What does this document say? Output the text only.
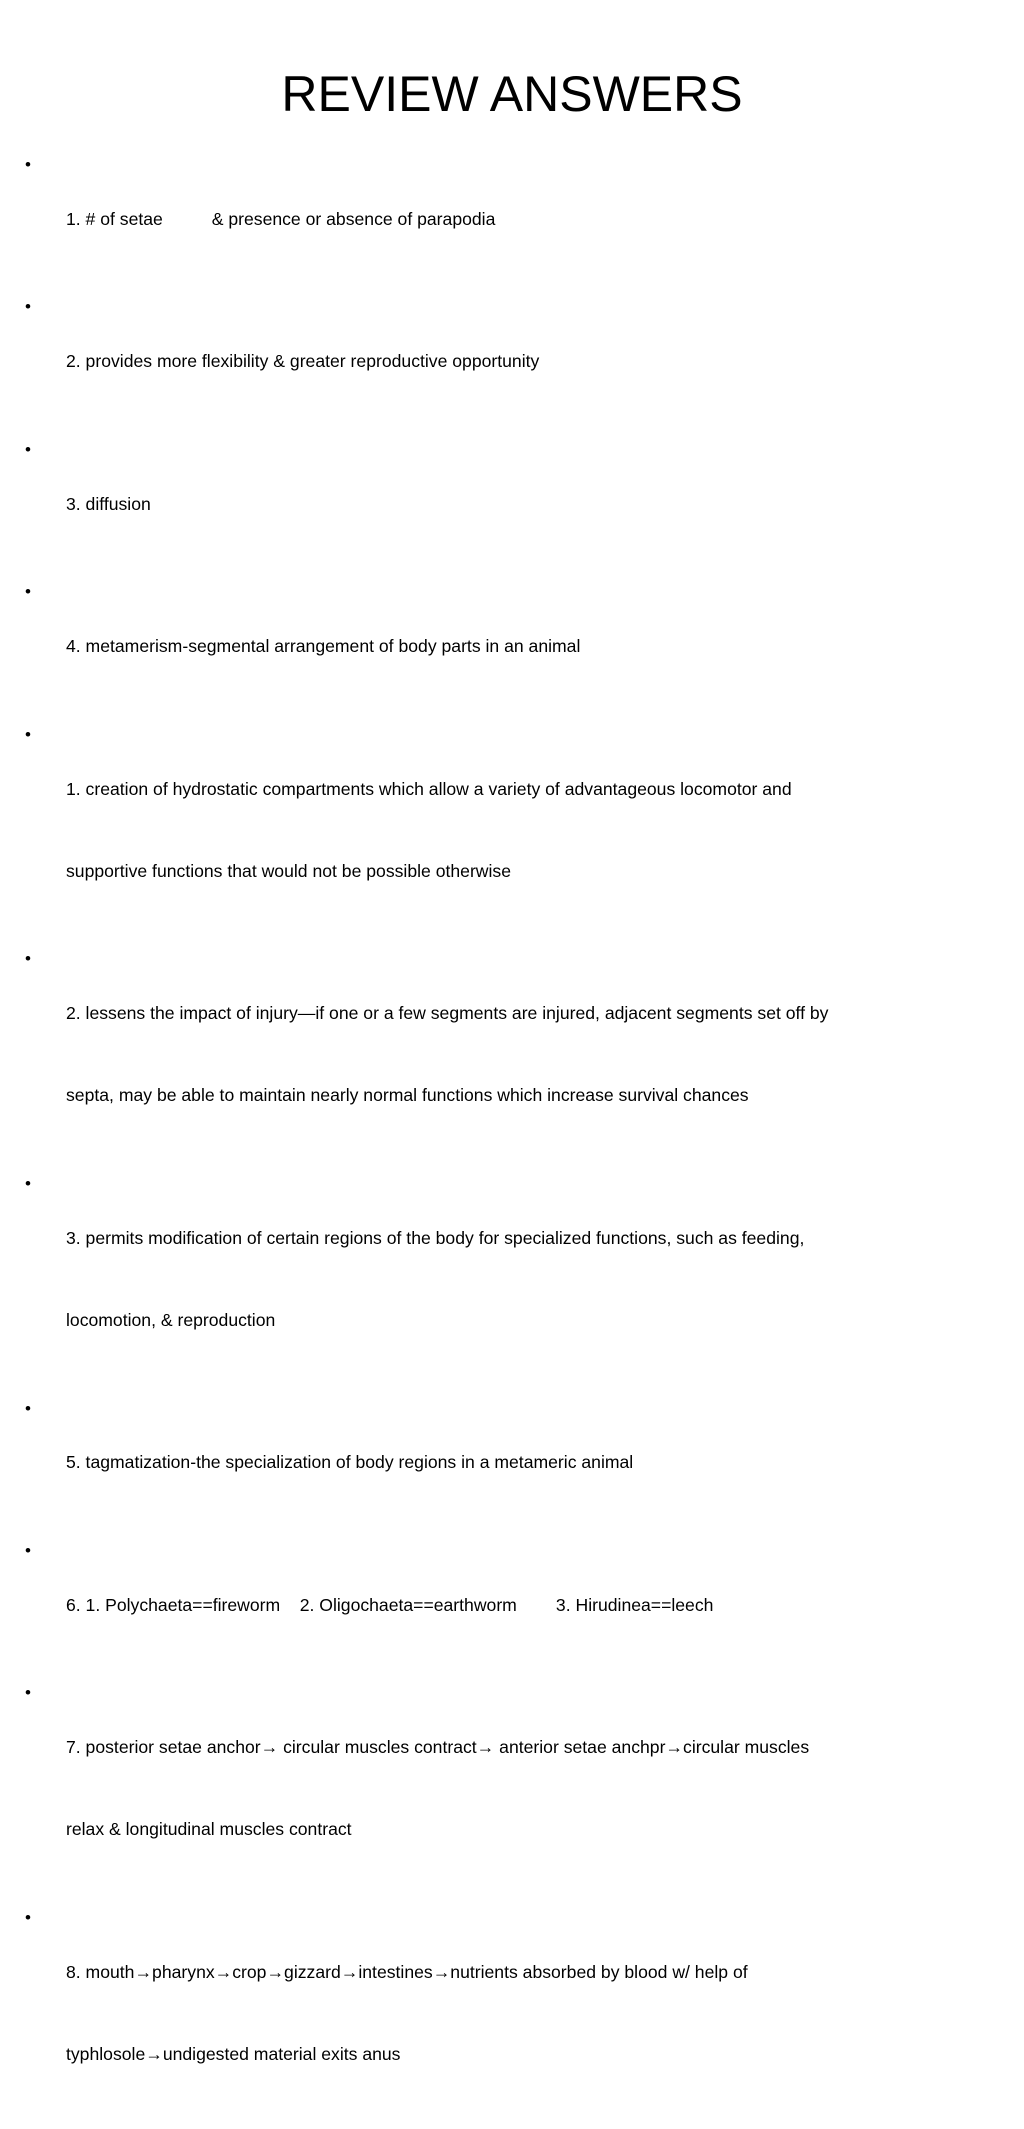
REVIEW ANSWERS
•

1. # of setae          & presence or absence of parapodia

•

2. provides more flexibility & greater reproductive opportunity

•

3. diffusion

•

4. metamerism-segmental arrangement of body parts in an animal

•

1. creation of hydrostatic compartments which allow a variety of advantageous locomotor and

supportive functions that would not be possible otherwise

•

2. lessens the impact of injury—if one or a few segments are injured, adjacent segments set off by

septa, may be able to maintain nearly normal functions which increase survival chances

•

3. permits modification of certain regions of the body for specialized functions, such as feeding,

locomotion, & reproduction

•

5. tagmatization-the specialization of body regions in a metameric animal

•

6. 1. Polychaeta==fireworm    2. Oligochaeta==earthworm        3. Hirudinea==leech

•

7. posterior setae anchor→ circular muscles contract→ anterior setae anchpr→circular muscles

relax & longitudinal muscles contract

•

8. mouth→pharynx→crop→gizzard→intestines→nutrients absorbed by blood w/ help of

typhlosole→undigested material exits anus
